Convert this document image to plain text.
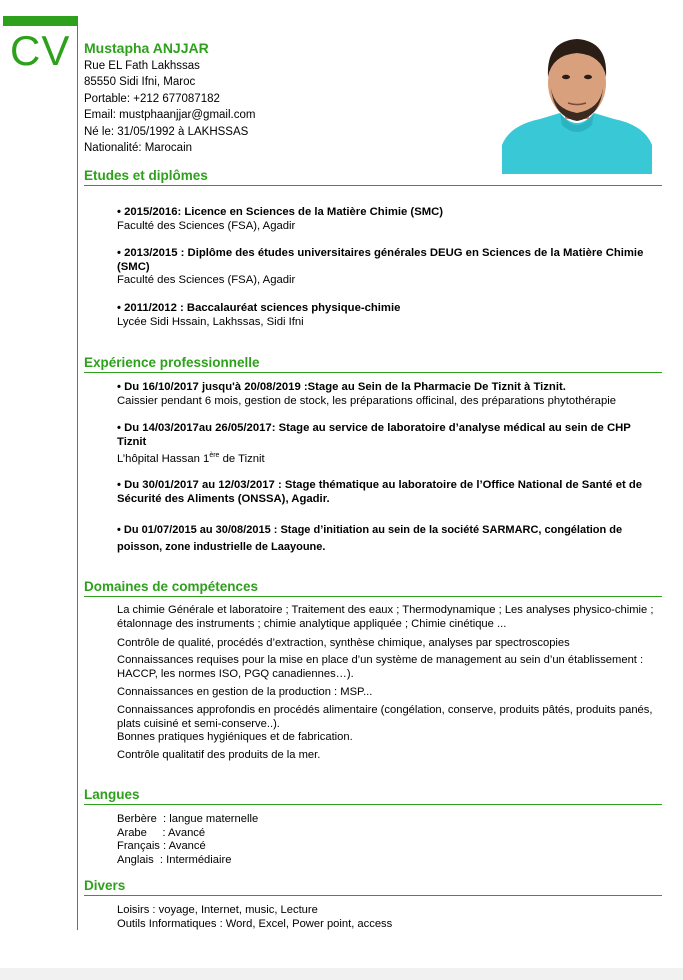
CV Mustapha ANJJAR
Rue EL Fath Lakhssas
85550 Sidi Ifni, Maroc
Portable: +212 677087182
Email: mustphaanjjar@gmail.com
Né le: 31/05/1992 à LAKHSSAS
Nationalité: Marocain
Etudes et diplômes
• 2015/2016: Licence en Sciences de la Matière Chimie (SMC)
Faculté des Sciences (FSA), Agadir
• 2013/2015 : Diplôme des études universitaires générales DEUG en Sciences de la Matière Chimie (SMC)
Faculté des Sciences (FSA), Agadir
• 2011/2012 : Baccalauréat sciences physique-chimie
Lycée Sidi Hssain, Lakhssas, Sidi Ifni
Expérience professionnelle
• Du 16/10/2017 jusqu'à 20/08/2019 :Stage au Sein de la Pharmacie De Tiznit à Tiznit.
Caissier pendant 6 mois, gestion de stock, les préparations officinal, des préparations phytothérapie
• Du 14/03/2017au 26/05/2017: Stage au service de laboratoire d’analyse médical au sein de CHP Tiznit
L’hôpital Hassan 1ère de Tiznit
• Du 30/01/2017 au 12/03/2017 : Stage thématique au laboratoire de l’Office National de Santé et de Sécurité des Aliments (ONSSA), Agadir.
• Du 01/07/2015 au 30/08/2015 : Stage d’initiation au sein de la société SARMARC, congélation de poisson, zone industrielle de Laayoune.
Domaines de compétences
La chimie Générale et laboratoire ; Traitement des eaux ; Thermodynamique ; Les analyses physico-chimie ; étalonnage des instruments ; chimie analytique appliquée ; Chimie cinétique ...
Contrôle de qualité, procédés d’extraction, synthèse chimique, analyses par spectroscopies
Connaissances requises pour la mise en place d’un système de management au sein d’un établissement : HACCP, les normes ISO, PGQ canadiennes…).
Connaissances en gestion de la production : MSP...
Connaissances approfondis en procédés alimentaire (congélation, conserve, produits pâtés, produits panés, plats cuisiné et semi-conserve..).
Bonnes pratiques hygiéniques et de fabrication.
Contrôle qualitatif des produits de la mer.
Langues
Berbère  : langue maternelle
Arabe     : Avancé
Français : Avancé
Anglais  : Intermédiaire
Divers
Loisirs : voyage, Internet, music, Lecture
Outils Informatiques : Word, Excel, Power point, access
